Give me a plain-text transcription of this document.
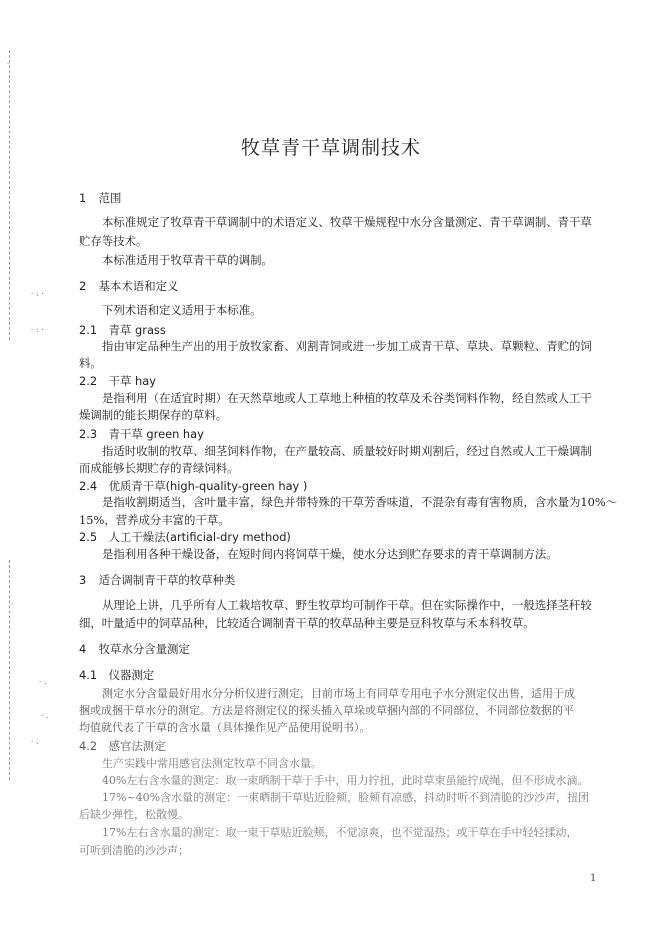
-
·:·
·:·
·.
·.
·.
·
牧草青干草调制技术
1 范围
本标准规定了牧草青干草调制中的术语定义、牧草干燥规程中水分含量测定、青干草调制、青干草
贮存等技术。
本标准适用于牧草青干草的调制。
2 基本术语和定义
下列术语和定义适用于本标准。
2.1 青草 grass
指由审定品种生产出的用于放牧家畜、刈割青饲或进一步加工成青干草、草块、草颗粒、青贮的饲
料。
2.2 干草 hay
是指利用（在适宜时期）在天然草地或人工草地上种植的牧草及禾谷类饲料作物，经自然或人工干
燥调制的能长期保存的草料。
2.3 青干草 green hay
指适时收制的牧草、细茎饲料作物，在产量较高、质量较好时期刈割后，经过自然或人工干燥调制
而成能够长期贮存的青绿饲料。
2.4 优质青干草(high-quality-green hay )
是指收割期适当，含叶量丰富，绿色并带特殊的干草芳香味道，不混杂有毒有害物质，含水量为10%～
15%，营养成分丰富的干草。
2.5 人工干燥法(artificial-dry method)
是指利用各种干燥设备，在短时间内将饲草干燥，使水分达到贮存要求的青干草调制方法。
3 适合调制青干草的牧草种类
从理论上讲，几乎所有人工栽培牧草、野生牧草均可制作干草。但在实际操作中，一般选择茎秆较
细，叶量适中的饲草品种，比较适合调制青干草的牧草品种主要是豆科牧草与禾本科牧草。
4 牧草水分含量测定
4.1 仪器测定
测定水分含量最好用水分分析仪进行测定，目前市场上有同草专用电子水分测定仪出售，适用于成
捆或成捆干草水分的测定。方法是将测定仪的探头插入草垛或草捆内部的不同部位，不同部位数据的平
均值就代表了干草的含水量（具体操作见产品使用说明书）。
4.2 感官法测定
生产实践中常用感官法测定牧草不同含水量。
40%左右含水量的测定：取一束晒制干草于手中，用力拧扭，此时草束虽能拧成绳，但不形成水滴。
17%~40%含水量的测定：一束晒制干草贴近脸颊，脸颊有凉感，抖动时听不到清脆的沙沙声，扭团
后缺少弹性，松散慢。
17%左右含水量的测定：取一束干草贴近脸颊，不觉凉爽，也不觉湿热；或干草在手中轻轻揉动，
可听到清脆的沙沙声；
1
